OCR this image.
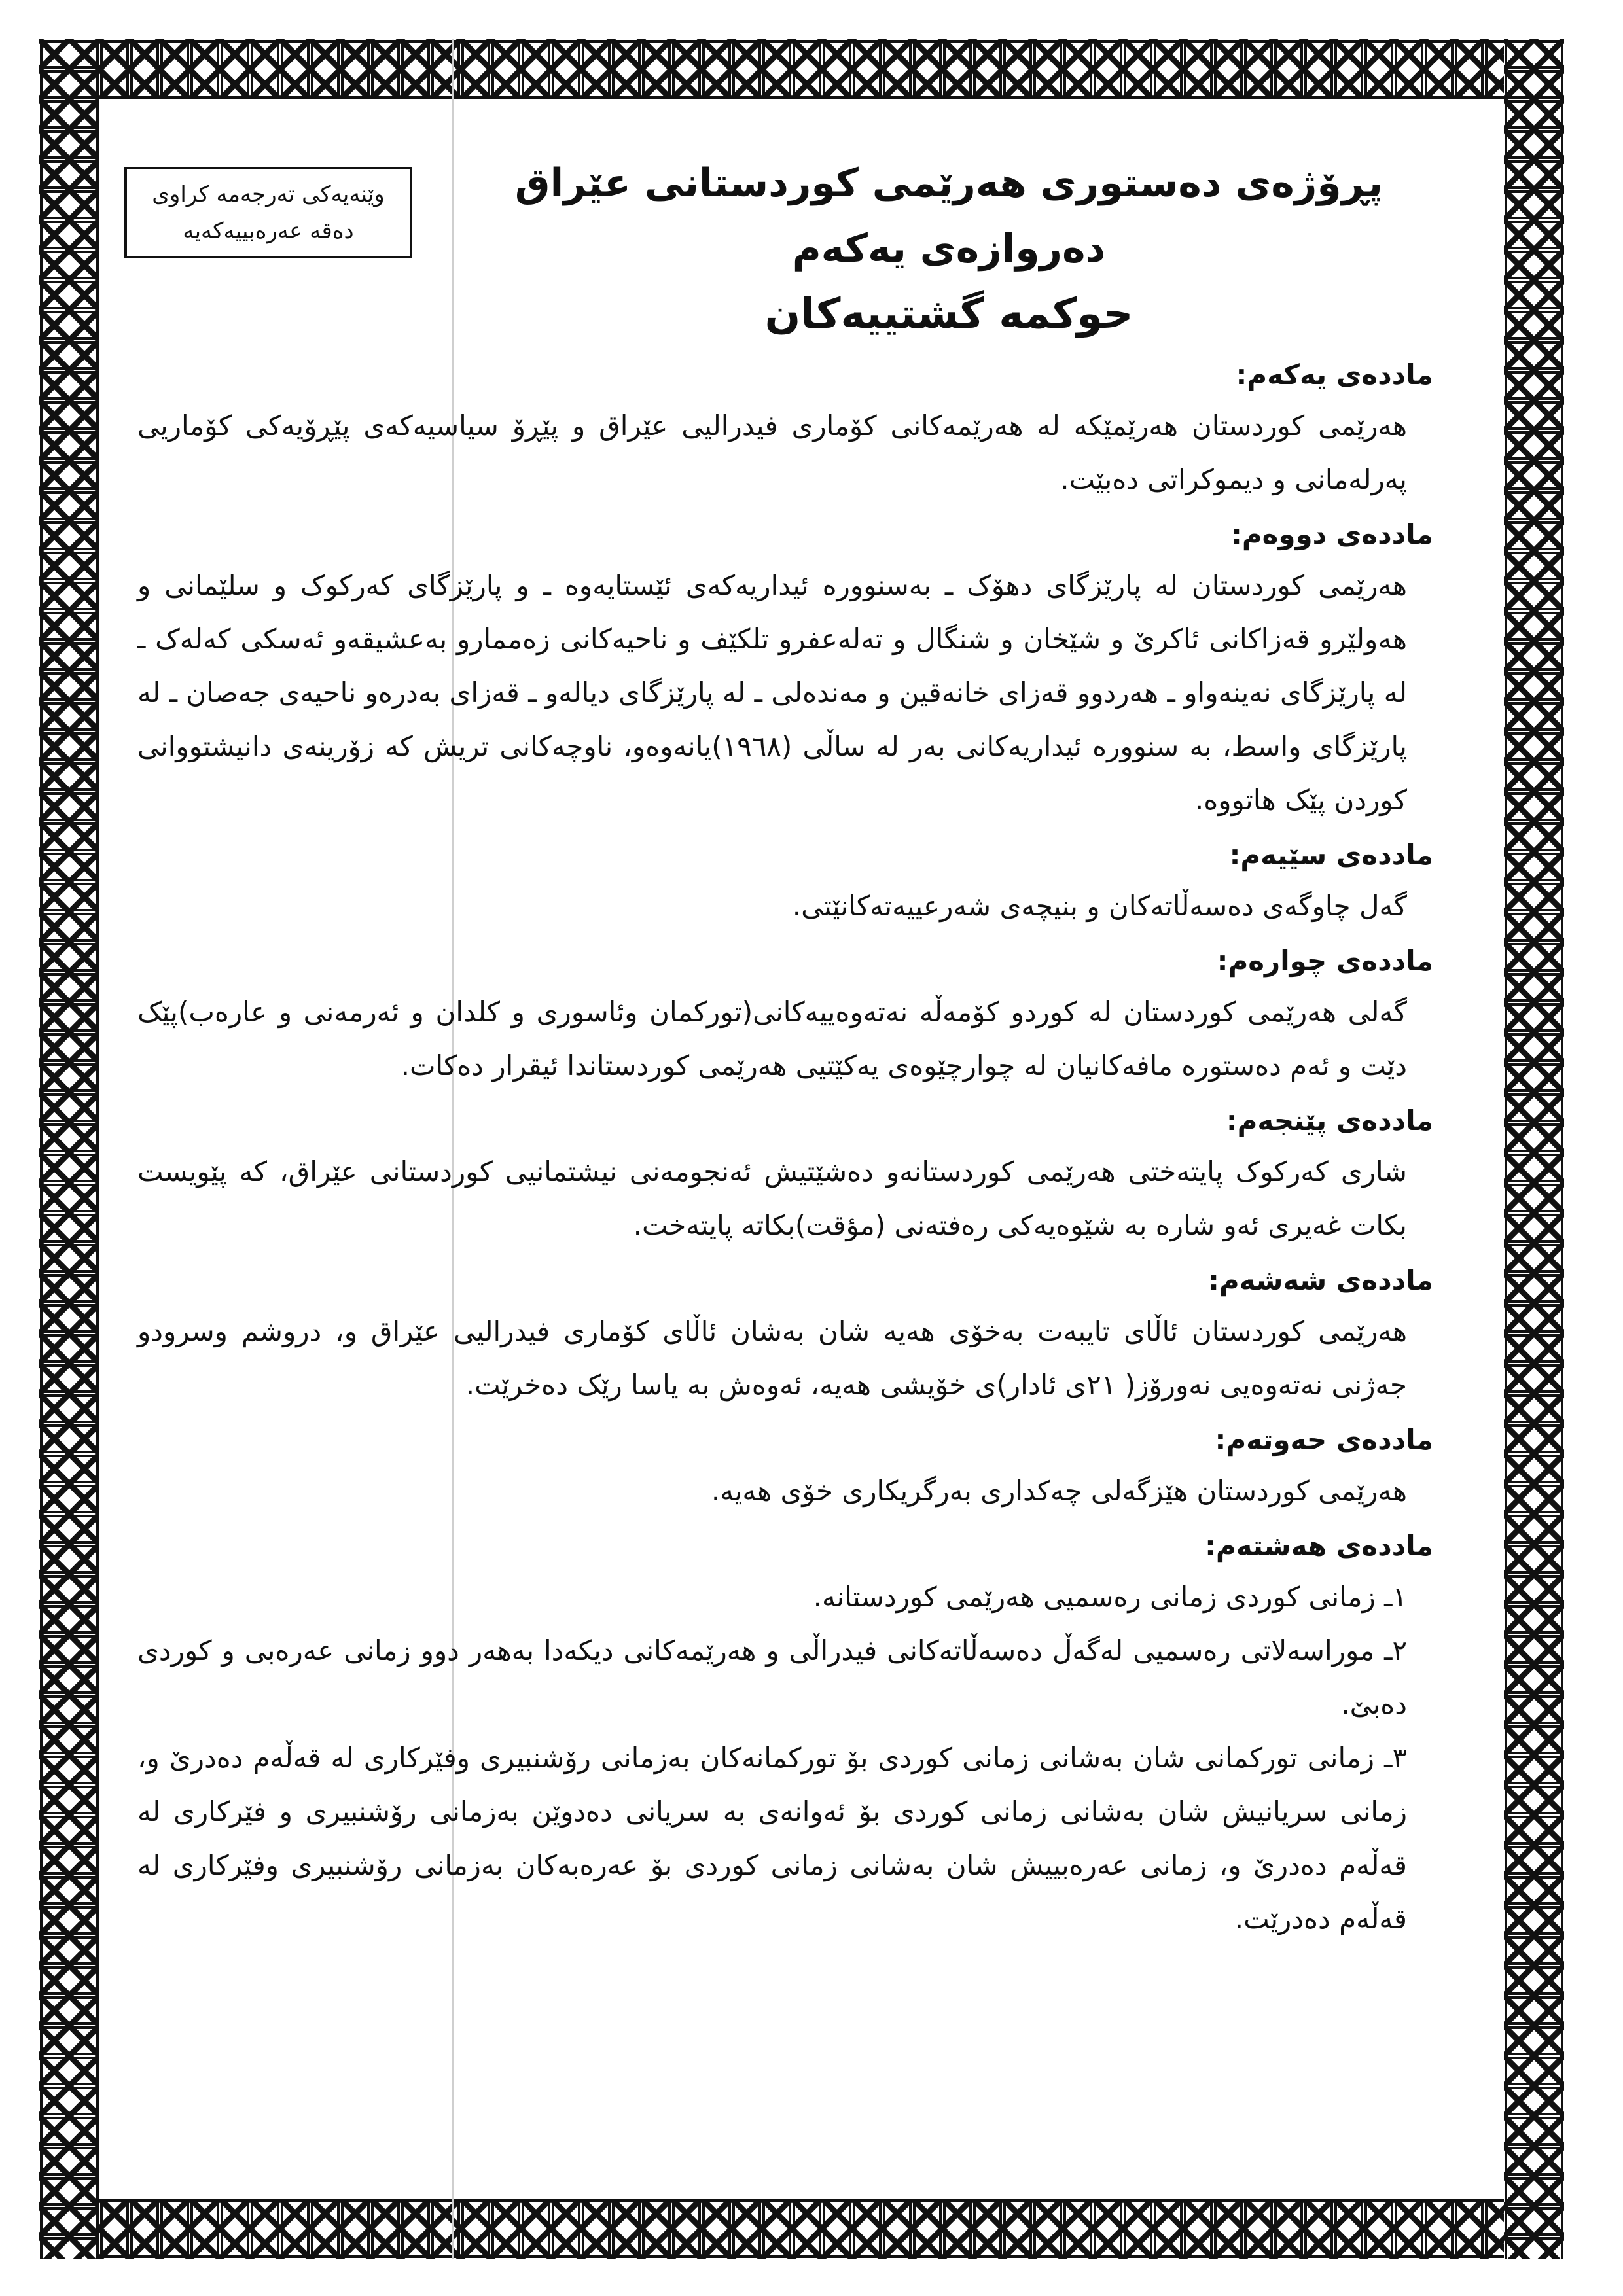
وێنەیەکی تەرجەمە کراوی
دەقە عەرەبییەکەیە
پڕۆژەی دەستوری هەرێمی کوردستانی عێراق
دەروازەی یەکەم
حوکمە گشتییەکان
ماددەی یەکەم:
هەرێمی کوردستان هەرێمێکە لە هەرێمەکانی کۆماری فیدرالیی عێراق و پێڕۆ سیاسیەکەی پێڕۆیەکی کۆماریی پەرلەمانی و دیموکراتی دەبێت.
ماددەی دووەم:
هەرێمی کوردستان لە پارێزگای دهۆک ـ بەسنووره ئیداریەکەی ئێستایەوه ـ و پارێزگای کەرکوک و سلێمانی و هەولێرو قەزاکانی ئاکرێ و شێخان و شنگال و تەلەعفرو تلکێف و ناحیەکانی زەممارو بەعشیقەو ئەسکی کەلەک ـ لە پارێزگای نەینەواو ـ هەردوو قەزای خانەقین و مەندەلی ـ لە پارێزگای دیالەو ـ قەزای بەدرەو ناحیەی جەصان ـ لە پارێزگای واسط، بە سنووره ئیداریەکانی بەر لە ساڵی (١٩٦٨)یانەوەو، ناوچەکانی تریش کە زۆرینەی دانیشتووانی کوردن پێک هاتووە.
ماددەی سێیەم:
گەل چاوگەی دەسەڵاتەکان و بنیچەی شەرعییەتەکانێتی.
ماددەی چوارەم:
گەلی هەرێمی کوردستان لە کوردو کۆمەڵە نەتەوەییەکانی(تورکمان وئاسوری و کلدان و ئەرمەنی و عارەب)پێک دێت و ئەم دەستوره مافەکانیان لە چوارچێوەی یەکێتیی هەرێمی کوردستاندا ئیقرار دەکات.
ماددەی پێنجەم:
شاری کەرکوک پایتەختی هەرێمی کوردستانەو دەشێتیش ئەنجومەنی نیشتمانیی کوردستانی عێراق، کە پێویست بکات غەیری ئەو شاره بە شێوەیەکی رەفتەنی (مؤقت)بکاتە پایتەخت.
ماددەی شەشەم:
هەرێمی کوردستان ئاڵای تایبەت بەخۆی هەیە شان بەشان ئاڵای کۆماری فیدرالیی عێراق و، دروشم وسرودو جەژنی نەتەوەیی نەورۆز( ٢١ی ئادار)ی خۆیشی هەیە، ئەوەش بە یاسا رێک دەخرێت.
ماددەی حەوتەم:
هەرێمی کوردستان هێزگەلی چەکداری بەرگریکاری خۆی هەیە.
ماددەی هەشتەم:
١ـ زمانی کوردی زمانی رەسمیی هەرێمی کوردستانە.
٢ـ موراسەلاتی رەسمیی لەگەڵ دەسەڵاتەکانی فیدراڵی و هەرێمەکانی دیکەدا بەهەر دوو زمانی عەرەبی و کوردی دەبێ.
٣ـ زمانی تورکمانی شان بەشانی زمانی کوردی بۆ تورکمانەکان بەزمانی رۆشنبیری وفێرکاری لە قەڵەم دەدرێ و، زمانی سریانیش شان بەشانی زمانی کوردی بۆ ئەوانەی بە سریانی دەدوێن بەزمانی رۆشنبیری و فێرکاری لە قەڵەم دەدرێ و، زمانی عەرەبییش شان بەشانی زمانی کوردی بۆ عەرەبەکان بەزمانی رۆشنبیری وفێرکاری لە قەڵەم دەدرێت.
